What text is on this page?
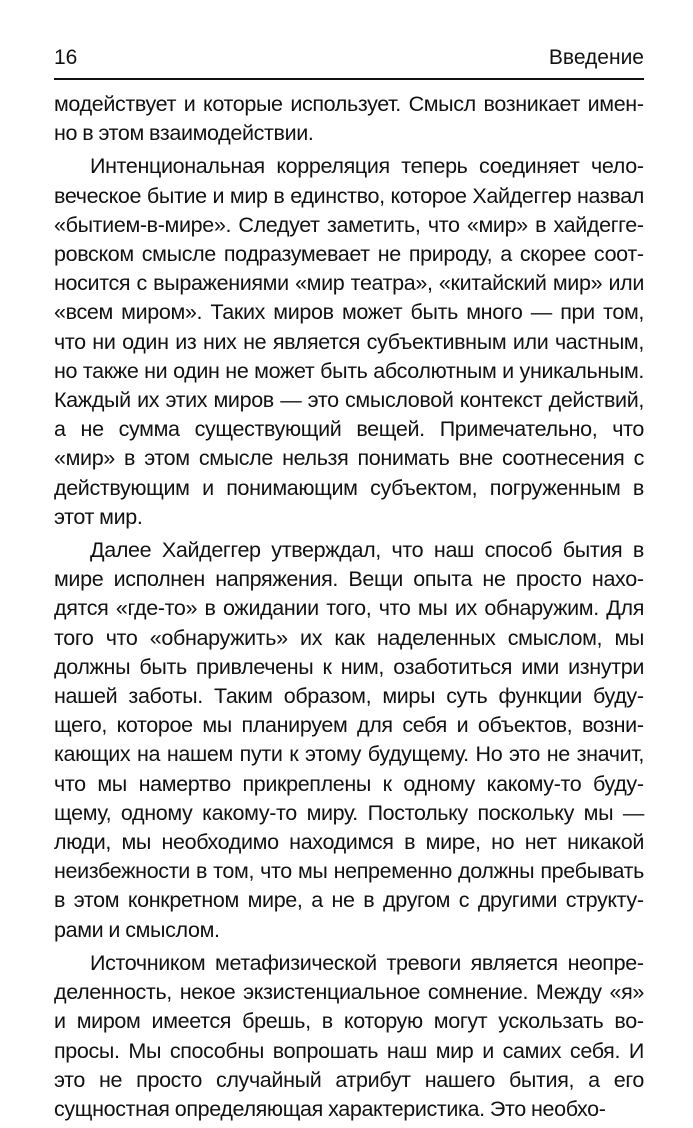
16	Введение

модействует и которые использует. Смысл возникает именно в этом взаимодействии.

Интенциональная корреляция теперь соединяет человеческое бытие и мир в единство, которое Хайдеггер назвал «бытием-в-мире». Следует заметить, что «мир» в хайдеггеровском смысле подразумевает не природу, а скорее соотносится с выражениями «мир театра», «китайский мир» или «всем миром». Таких миров может быть много — при том, что ни один из них не является субъективным или частным, но также ни один не может быть абсолютным и уникальным. Каждый их этих миров — это смысловой контекст действий, а не сумма существующий вещей. Примечательно, что «мир» в этом смысле нельзя понимать вне соотнесения с действующим и понимающим субъектом, погруженным в этот мир.

Далее Хайдеггер утверждал, что наш способ бытия в мире исполнен напряжения. Вещи опыта не просто находятся «где-то» в ожидании того, что мы их обнаружим. Для того что «обнаружить» их как наделенных смыслом, мы должны быть привлечены к ним, озаботиться ими изнутри нашей заботы. Таким образом, миры суть функции будущего, которое мы планируем для себя и объектов, возникающих на нашем пути к этому будущему. Но это не значит, что мы намертво прикреплены к одному какому-то будущему, одному какому-то миру. Постольку поскольку мы — люди, мы необходимо находимся в мире, но нет никакой неизбежности в том, что мы непременно должны пребывать в этом конкретном мире, а не в другом с другими структурами и смыслом.

Источником метафизической тревоги является неопределенность, некое экзистенциальное сомнение. Между «я» и миром имеется брешь, в которую могут ускользать вопросы. Мы способны вопрошать наш мир и самих себя. И это не просто случайный атрибут нашего бытия, а его сущностная определяющая характеристика. Это необхо-
